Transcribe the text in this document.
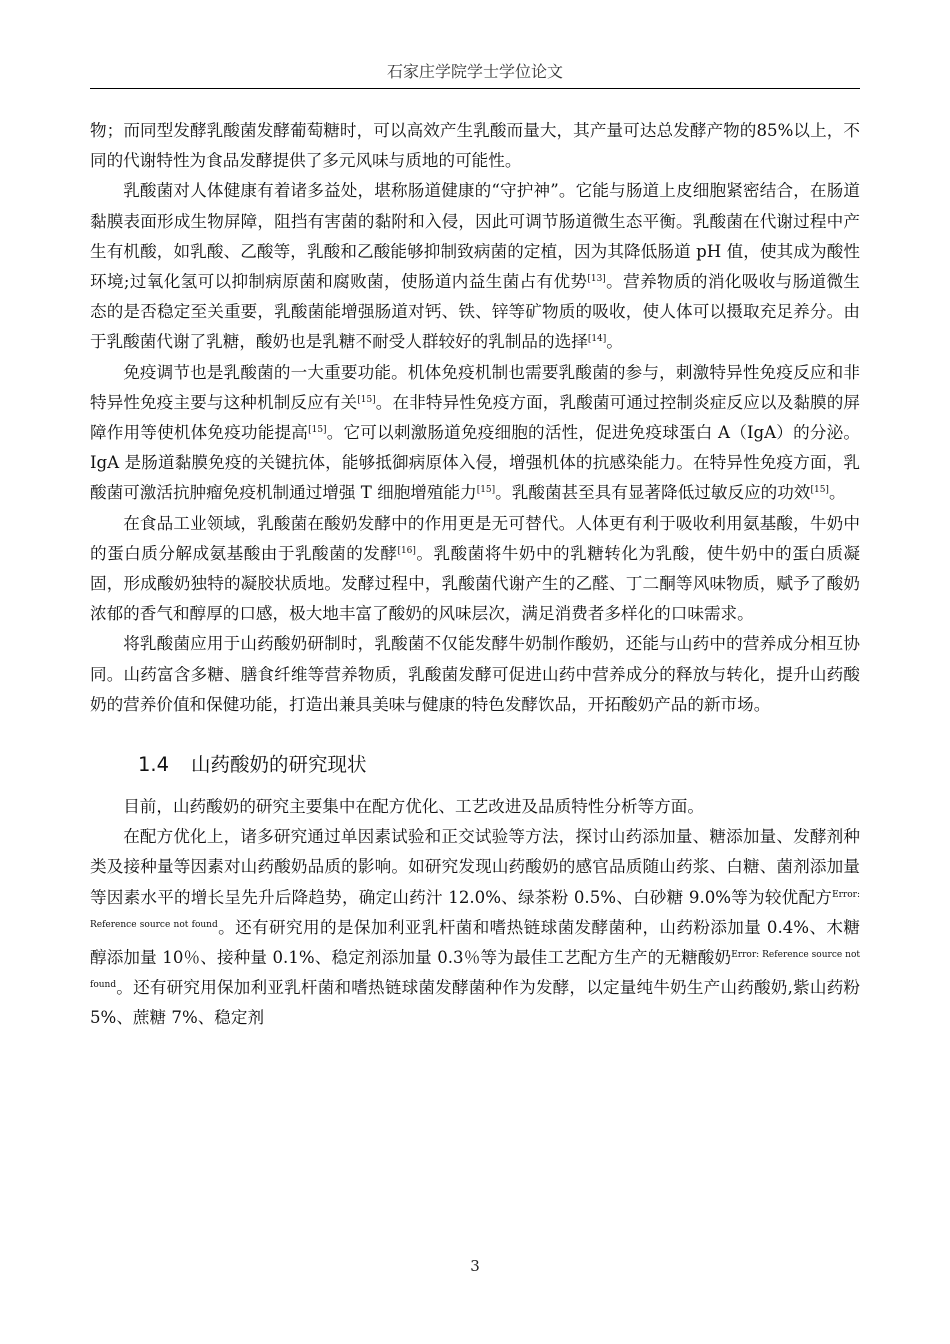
石家庄学院学士学位论文

物；而同型发酵乳酸菌发酵葡萄糖时，可以高效产生乳酸而量大，其产量可达总发酵产物的85%以上，不同的代谢特性为食品发酵提供了多元风味与质地的可能性。

乳酸菌对人体健康有着诸多益处，堪称肠道健康的“守护神”。它能与肠道上皮细胞紧密结合，在肠道黏膜表面形成生物屏障，阻挡有害菌的黏附和入侵，因此可调节肠道微生态平衡。乳酸菌在代谢过程中产生有机酸，如乳酸、乙酸等，乳酸和乙酸能够抑制致病菌的定植，因为其降低肠道 pH 值，使其成为酸性环境;过氧化氢可以抑制病原菌和腐败菌，使肠道内益生菌占有优势[13]。营养物质的消化吸收与肠道微生态的是否稳定至关重要，乳酸菌能增强肠道对钙、铁、锌等矿物质的吸收，使人体可以摄取充足养分。由于乳酸菌代谢了乳糖，酸奶也是乳糖不耐受人群较好的乳制品的选择[14]。

免疫调节也是乳酸菌的一大重要功能。机体免疫机制也需要乳酸菌的参与，刺激特异性免疫反应和非特异性免疫主要与这种机制反应有关[15]。在非特异性免疫方面，乳酸菌可通过控制炎症反应以及黏膜的屏障作用等使机体免疫功能提高[15]。它可以刺激肠道免疫细胞的活性，促进免疫球蛋白 A（IgA）的分泌。IgA 是肠道黏膜免疫的关键抗体，能够抵御病原体入侵，增强机体的抗感染能力。在特异性免疫方面，乳酸菌可激活抗肿瘤免疫机制通过增强 T 细胞增殖能力[15]。乳酸菌甚至具有显著降低过敏反应的功效[15]。

在食品工业领域，乳酸菌在酸奶发酵中的作用更是无可替代。人体更有利于吸收利用氨基酸，牛奶中的蛋白质分解成氨基酸由于乳酸菌的发酵[16]。乳酸菌将牛奶中的乳糖转化为乳酸，使牛奶中的蛋白质凝固，形成酸奶独特的凝胶状质地。发酵过程中，乳酸菌代谢产生的乙醛、丁二酮等风味物质，赋予了酸奶浓郁的香气和醇厚的口感，极大地丰富了酸奶的风味层次，满足消费者多样化的口味需求。

将乳酸菌应用于山药酸奶研制时，乳酸菌不仅能发酵牛奶制作酸奶，还能与山药中的营养成分相互协同。山药富含多糖、膳食纤维等营养物质，乳酸菌发酵可促进山药中营养成分的释放与转化，提升山药酸奶的营养价值和保健功能，打造出兼具美味与健康的特色发酵饮品，开拓酸奶产品的新市场。

1.4 山药酸奶的研究现状

目前，山药酸奶的研究主要集中在配方优化、工艺改进及品质特性分析等方面。

在配方优化上，诸多研究通过单因素试验和正交试验等方法，探讨山药添加量、糖添加量、发酵剂种类及接种量等因素对山药酸奶品质的影响。如研究发现山药酸奶的感官品质随山药浆、白糖、菌剂添加量等因素水平的增长呈先升后降趋势，确定山药汁 12.0%、绿茶粉 0.5%、白砂糖 9.0%等为较优配方$^{Error: Reference source not found}$。还有研究用的是保加利亚乳杆菌和嗜热链球菌发酵菌种，山药粉添加量 0.4%、木糖醇添加量 10％、接种量 0.1%、稳定剂添加量 0.3％等为最佳工艺配方生产的无糖酸奶$^{Error: Reference source not found}$。还有研究用保加利亚乳杆菌和嗜热链球菌发酵菌种作为发酵，以定量纯牛奶生产山药酸奶,紫山药粉 5%、蔗糖 7%、稳定剂

3
